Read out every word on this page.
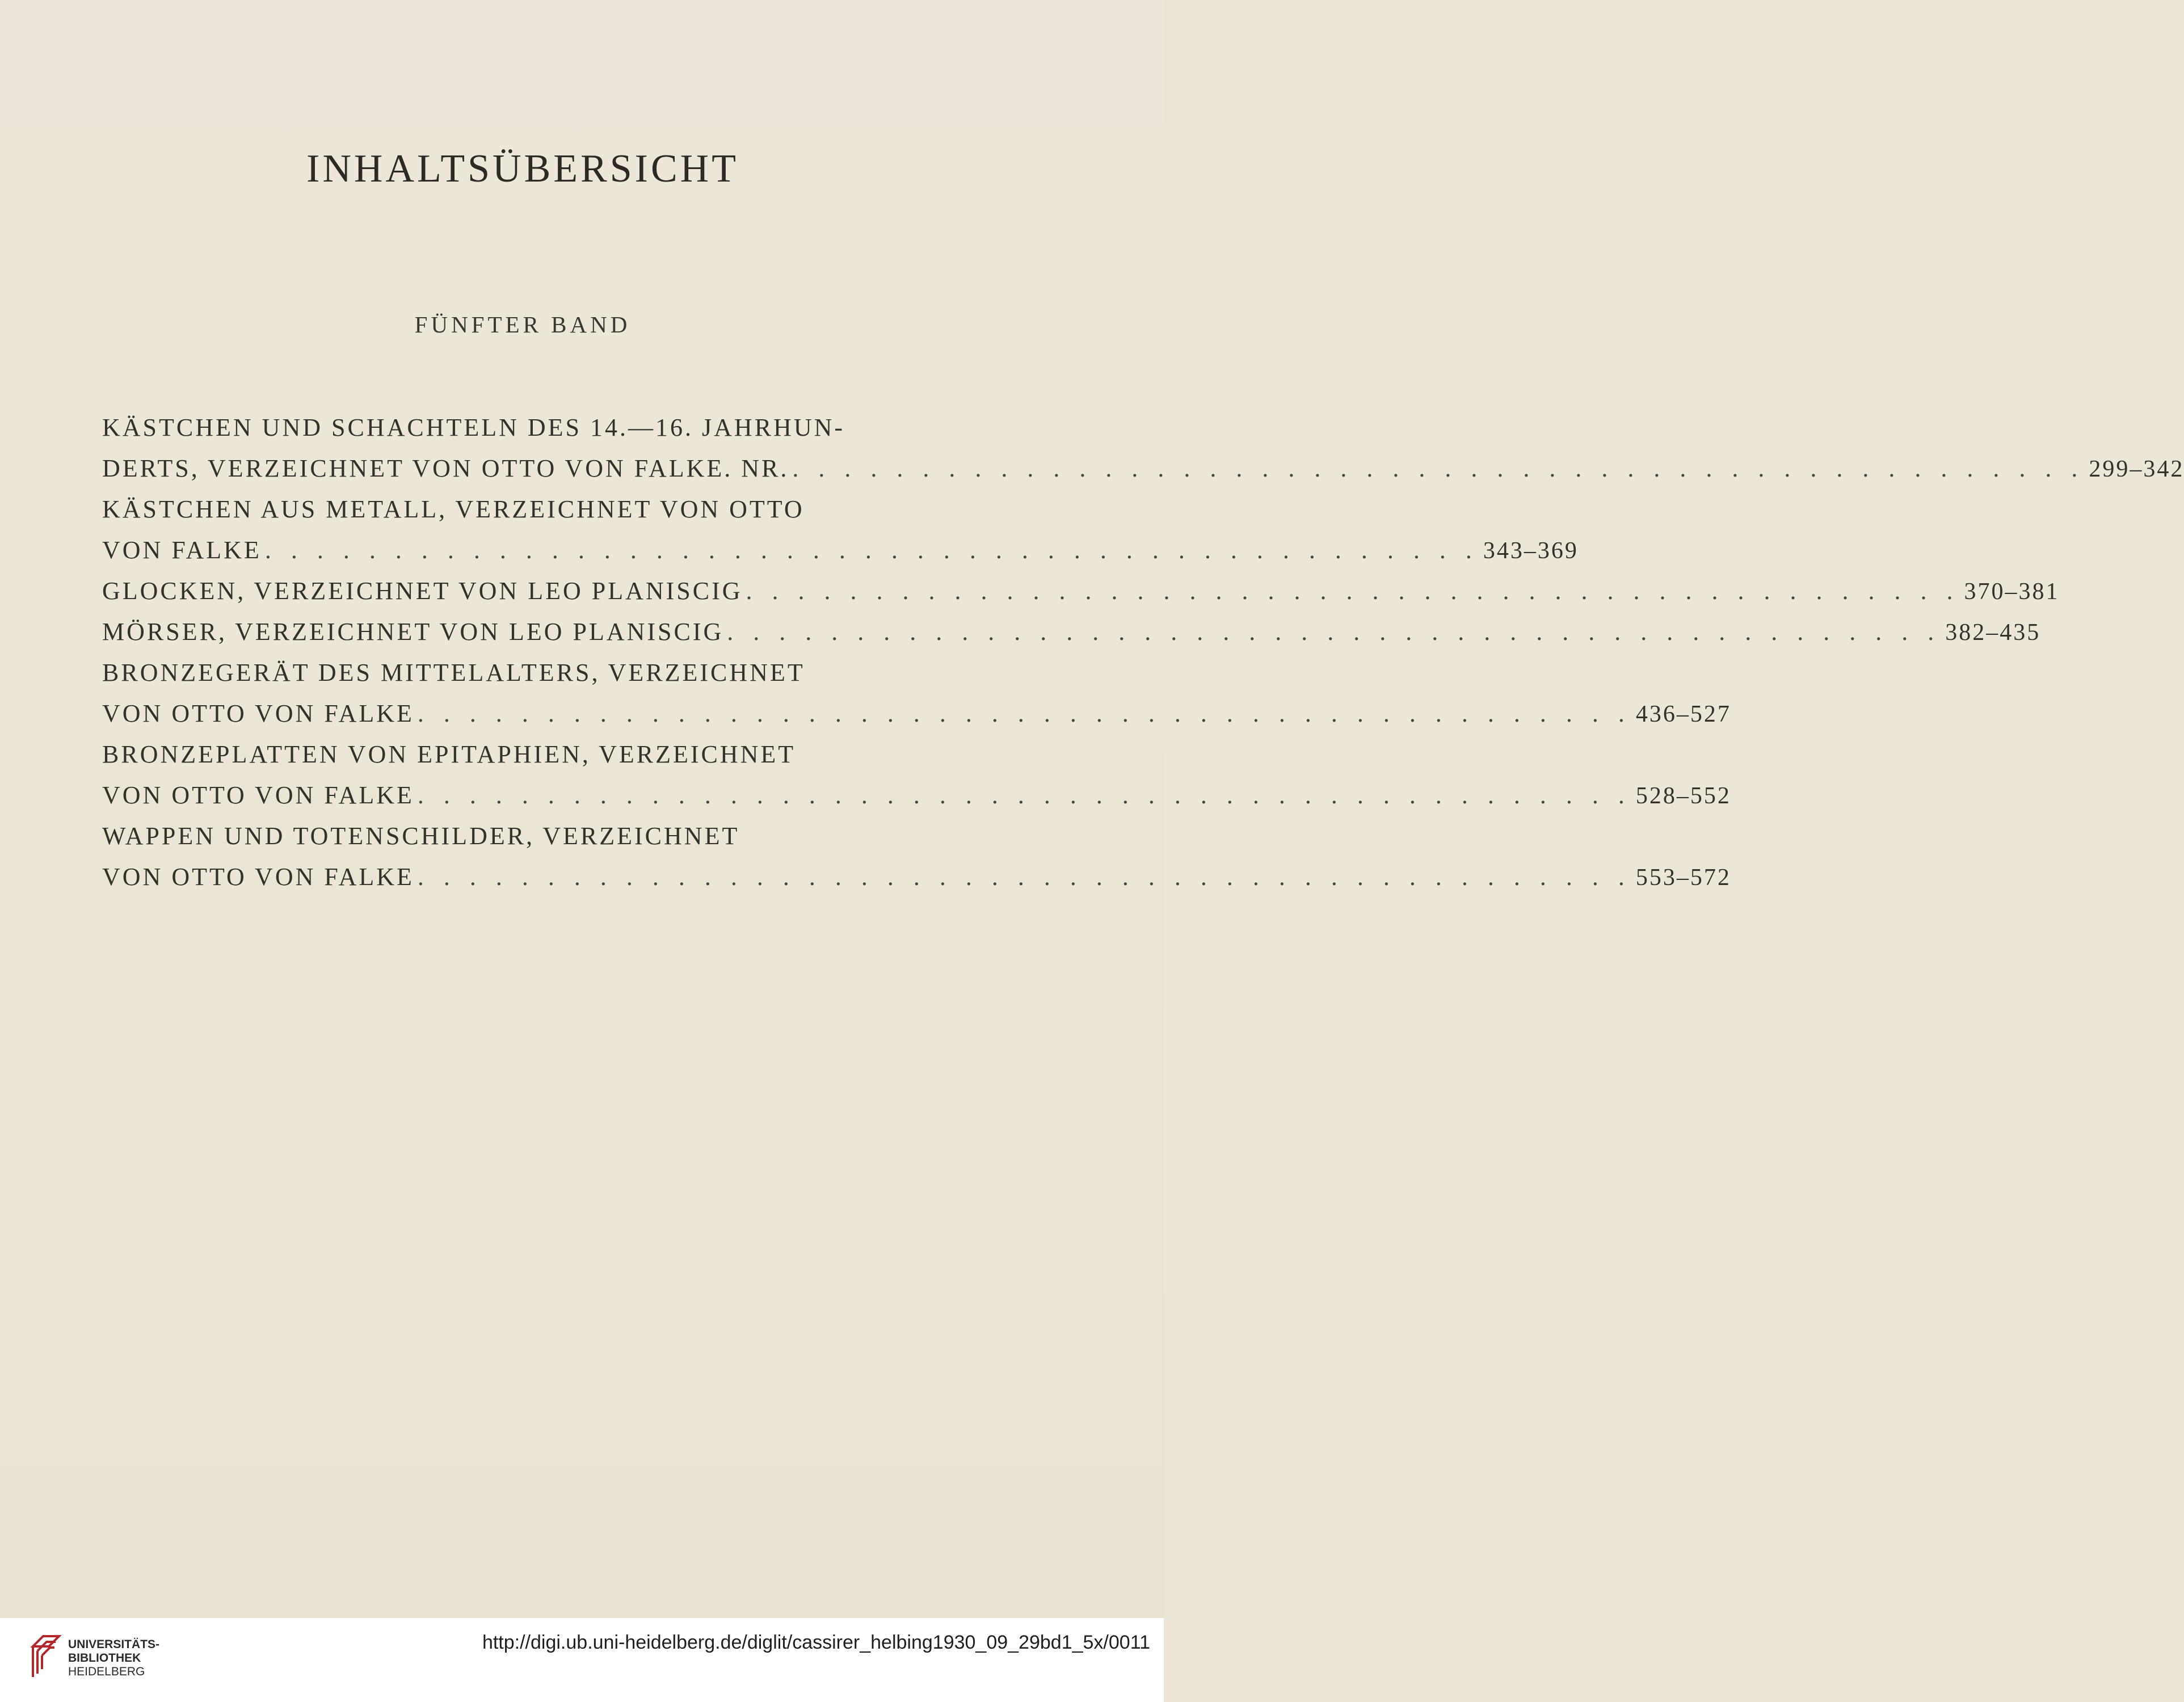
INHALTSÜBERSICHT
FÜNFTER BAND
KÄSTCHEN UND SCHACHTELN DES 14.—16. JAHRHUN-
DERTS, VERZEICHNET VON OTTO VON FALKE. NR. . . . . . . . . . . . . . . . . . . . . . . . . . . . . . . . . . . . . . . . . . . . . . . . . . . 299–342
KÄSTCHEN AUS METALL, VERZEICHNET VON OTTO
VON FALKE . . . . . . . . . . . . . . . . . . . . . . . . . . . . . . . . . . . . . . . . . . . . . . . 343–369
GLOCKEN, VERZEICHNET VON LEO PLANISCIG . . . . . . . . . . . . . . . . . . . . . . . . . . . . . . . . . . . . . . . . . . . . . . . 370–381
MÖRSER, VERZEICHNET VON LEO PLANISCIG . . . . . . . . . . . . . . . . . . . . . . . . . . . . . . . . . . . . . . . . . . . . . . . 382–435
BRONZEGERÄT DES MITTELALTERS, VERZEICHNET
VON OTTO VON FALKE . . . . . . . . . . . . . . . . . . . . . . . . . . . . . . . . . . . . . . . . . . . . . . . 436–527
BRONZEPLATTEN VON EPITAPHIEN, VERZEICHNET
VON OTTO VON FALKE . . . . . . . . . . . . . . . . . . . . . . . . . . . . . . . . . . . . . . . . . . . . . . . 528–552
WAPPEN UND TOTENSCHILDER, VERZEICHNET
VON OTTO VON FALKE . . . . . . . . . . . . . . . . . . . . . . . . . . . . . . . . . . . . . . . . . . . . . . . 553–572
UNIVERSITÄTS-
BIBLIOTHEK
HEIDELBERG
http://digi.ub.uni-heidelberg.de/diglit/cassirer_helbing1930_09_29bd1_5x/0011
